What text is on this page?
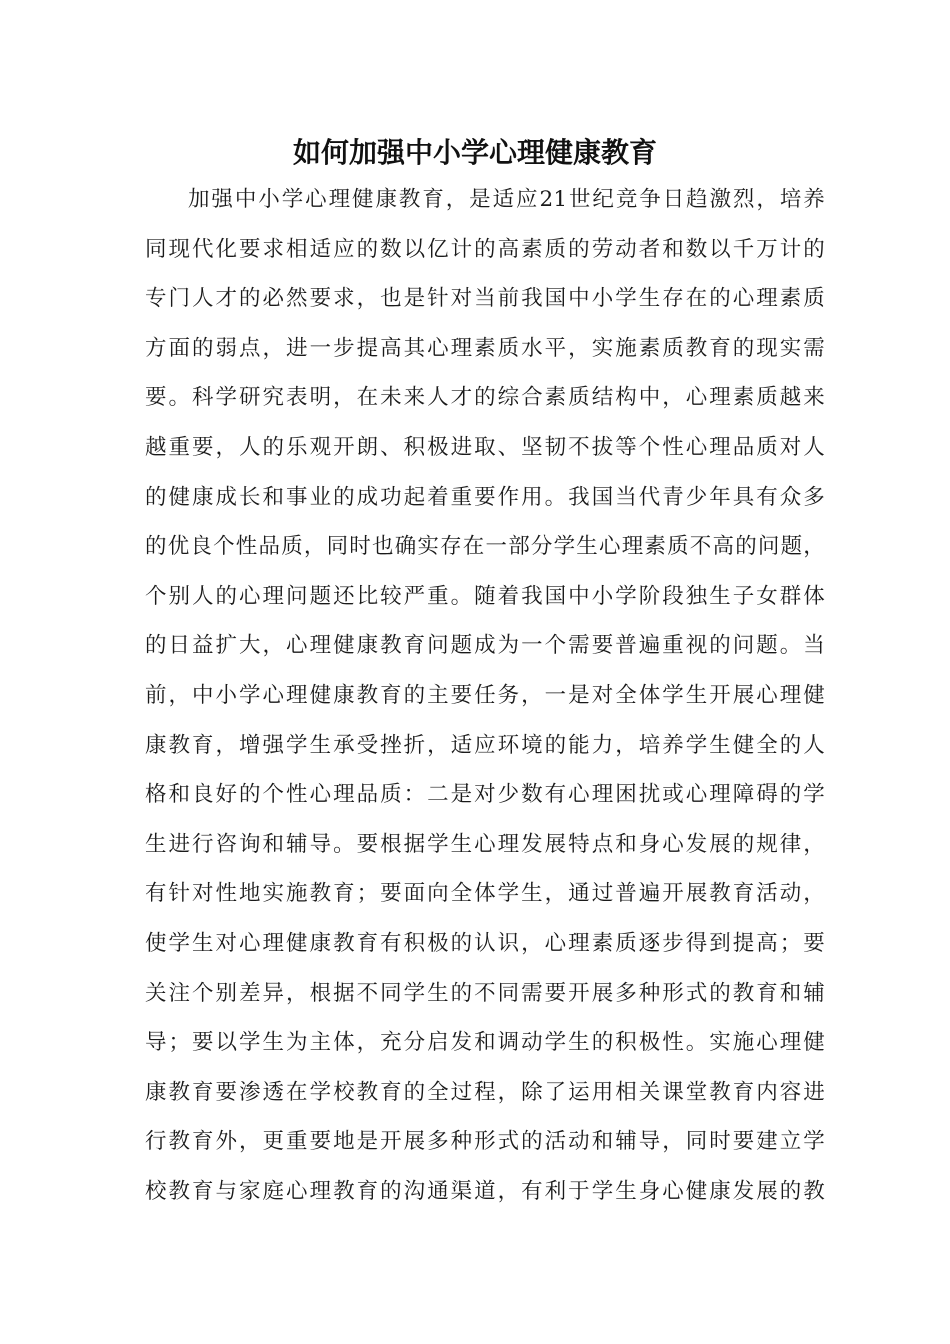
如何加强中小学心理健康教育
加强中小学心理健康教育，是适应21世纪竞争日趋激烈，培养
同现代化要求相适应的数以亿计的高素质的劳动者和数以千万计的
专门人才的必然要求，也是针对当前我国中小学生存在的心理素质
方面的弱点，进一步提高其心理素质水平，实施素质教育的现实需
要。科学研究表明，在未来人才的综合素质结构中，心理素质越来
越重要，人的乐观开朗、积极进取、坚韧不拔等个性心理品质对人
的健康成长和事业的成功起着重要作用。我国当代青少年具有众多
的优良个性品质，同时也确实存在一部分学生心理素质不高的问题，
个别人的心理问题还比较严重。随着我国中小学阶段独生子女群体
的日益扩大，心理健康教育问题成为一个需要普遍重视的问题。当
前，中小学心理健康教育的主要任务，一是对全体学生开展心理健
康教育，增强学生承受挫折，适应环境的能力，培养学生健全的人
格和良好的个性心理品质：二是对少数有心理困扰或心理障碍的学
生进行咨询和辅导。要根据学生心理发展特点和身心发展的规律，
有针对性地实施教育；要面向全体学生，通过普遍开展教育活动，
使学生对心理健康教育有积极的认识，心理素质逐步得到提高；要
关注个别差异，根据不同学生的不同需要开展多种形式的教育和辅
导；要以学生为主体，充分启发和调动学生的积极性。实施心理健
康教育要渗透在学校教育的全过程，除了运用相关课堂教育内容进
行教育外，更重要地是开展多种形式的活动和辅导，同时要建立学
校教育与家庭心理教育的沟通渠道，有利于学生身心健康发展的教
